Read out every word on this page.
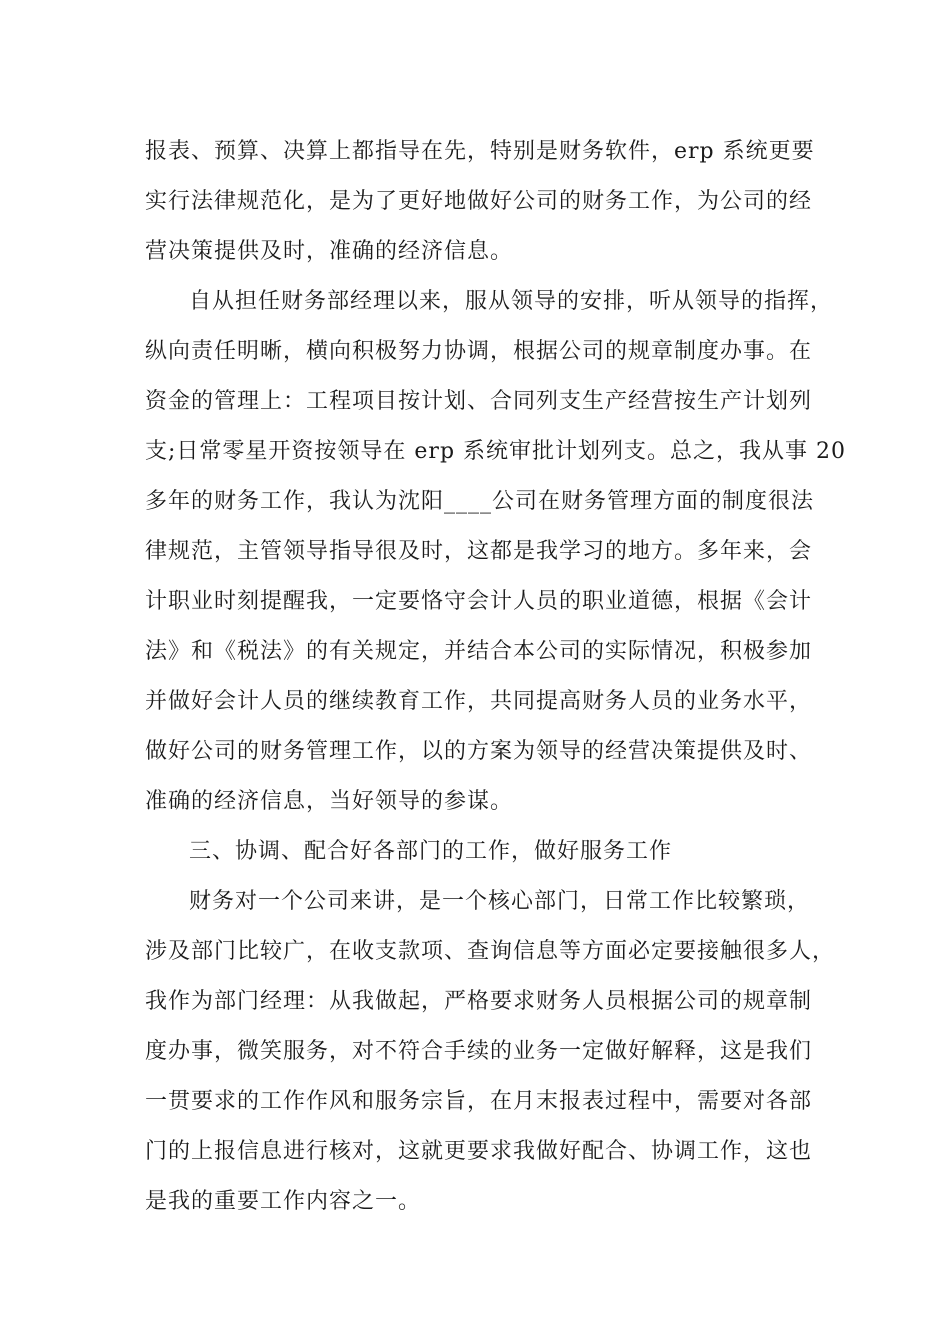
报表、预算、决算上都指导在先，特别是财务软件，erp 系统更要
实行法律规范化，是为了更好地做好公司的财务工作，为公司的经
营决策提供及时，准确的经济信息。
自从担任财务部经理以来，服从领导的安排，听从领导的指挥，
纵向责任明晰，横向积极努力协调，根据公司的规章制度办事。在
资金的管理上：工程项目按计划、合同列支生产经营按生产计划列
支;日常零星开资按领导在 erp 系统审批计划列支。总之，我从事 20
多年的财务工作，我认为沈阳____公司在财务管理方面的制度很法
律规范，主管领导指导很及时，这都是我学习的地方。多年来，会
计职业时刻提醒我，一定要恪守会计人员的职业道德，根据《会计
法》和《税法》的有关规定，并结合本公司的实际情况，积极参加
并做好会计人员的继续教育工作，共同提高财务人员的业务水平，
做好公司的财务管理工作，以的方案为领导的经营决策提供及时、
准确的经济信息，当好领导的参谋。
三、协调、配合好各部门的工作，做好服务工作
财务对一个公司来讲，是一个核心部门，日常工作比较繁琐，
涉及部门比较广，在收支款项、查询信息等方面必定要接触很多人，
我作为部门经理：从我做起，严格要求财务人员根据公司的规章制
度办事，微笑服务，对不符合手续的业务一定做好解释，这是我们
一贯要求的工作作风和服务宗旨，在月末报表过程中，需要对各部
门的上报信息进行核对，这就更要求我做好配合、协调工作，这也
是我的重要工作内容之一。
